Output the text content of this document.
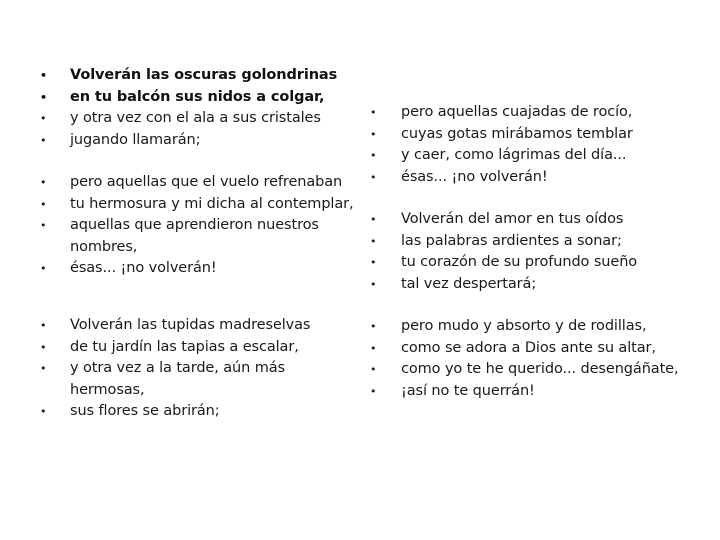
• Volverán las oscuras golondrinas
• en tu balcón sus nidos a colgar,
• y otra vez con el ala a sus cristales
• jugando llamarán;
• pero aquellas que el vuelo refrenaban
• tu hermosura y mi dicha al contemplar,
• aquellas que aprendieron nuestros nombres,
• ésas... ¡no volverán!
• Volverán las tupidas madreselvas
• de tu jardín las tapias a escalar,
• y otra vez a la tarde, aún más hermosas,
• sus flores se abrirán;
• pero aquellas cuajadas de rocío,
• cuyas gotas mirábamos temblar
• y caer, como lágrimas del día...
• ésas... ¡no volverán!
• Volverán del amor en tus oídos
• las palabras ardientes a sonar;
• tu corazón de su profundo sueño
• tal vez despertará;
• pero mudo y absorto y de rodillas,
• como se adora a Dios ante su altar,
• como yo te he querido... desengáñate,
• ¡así no te querrán!
